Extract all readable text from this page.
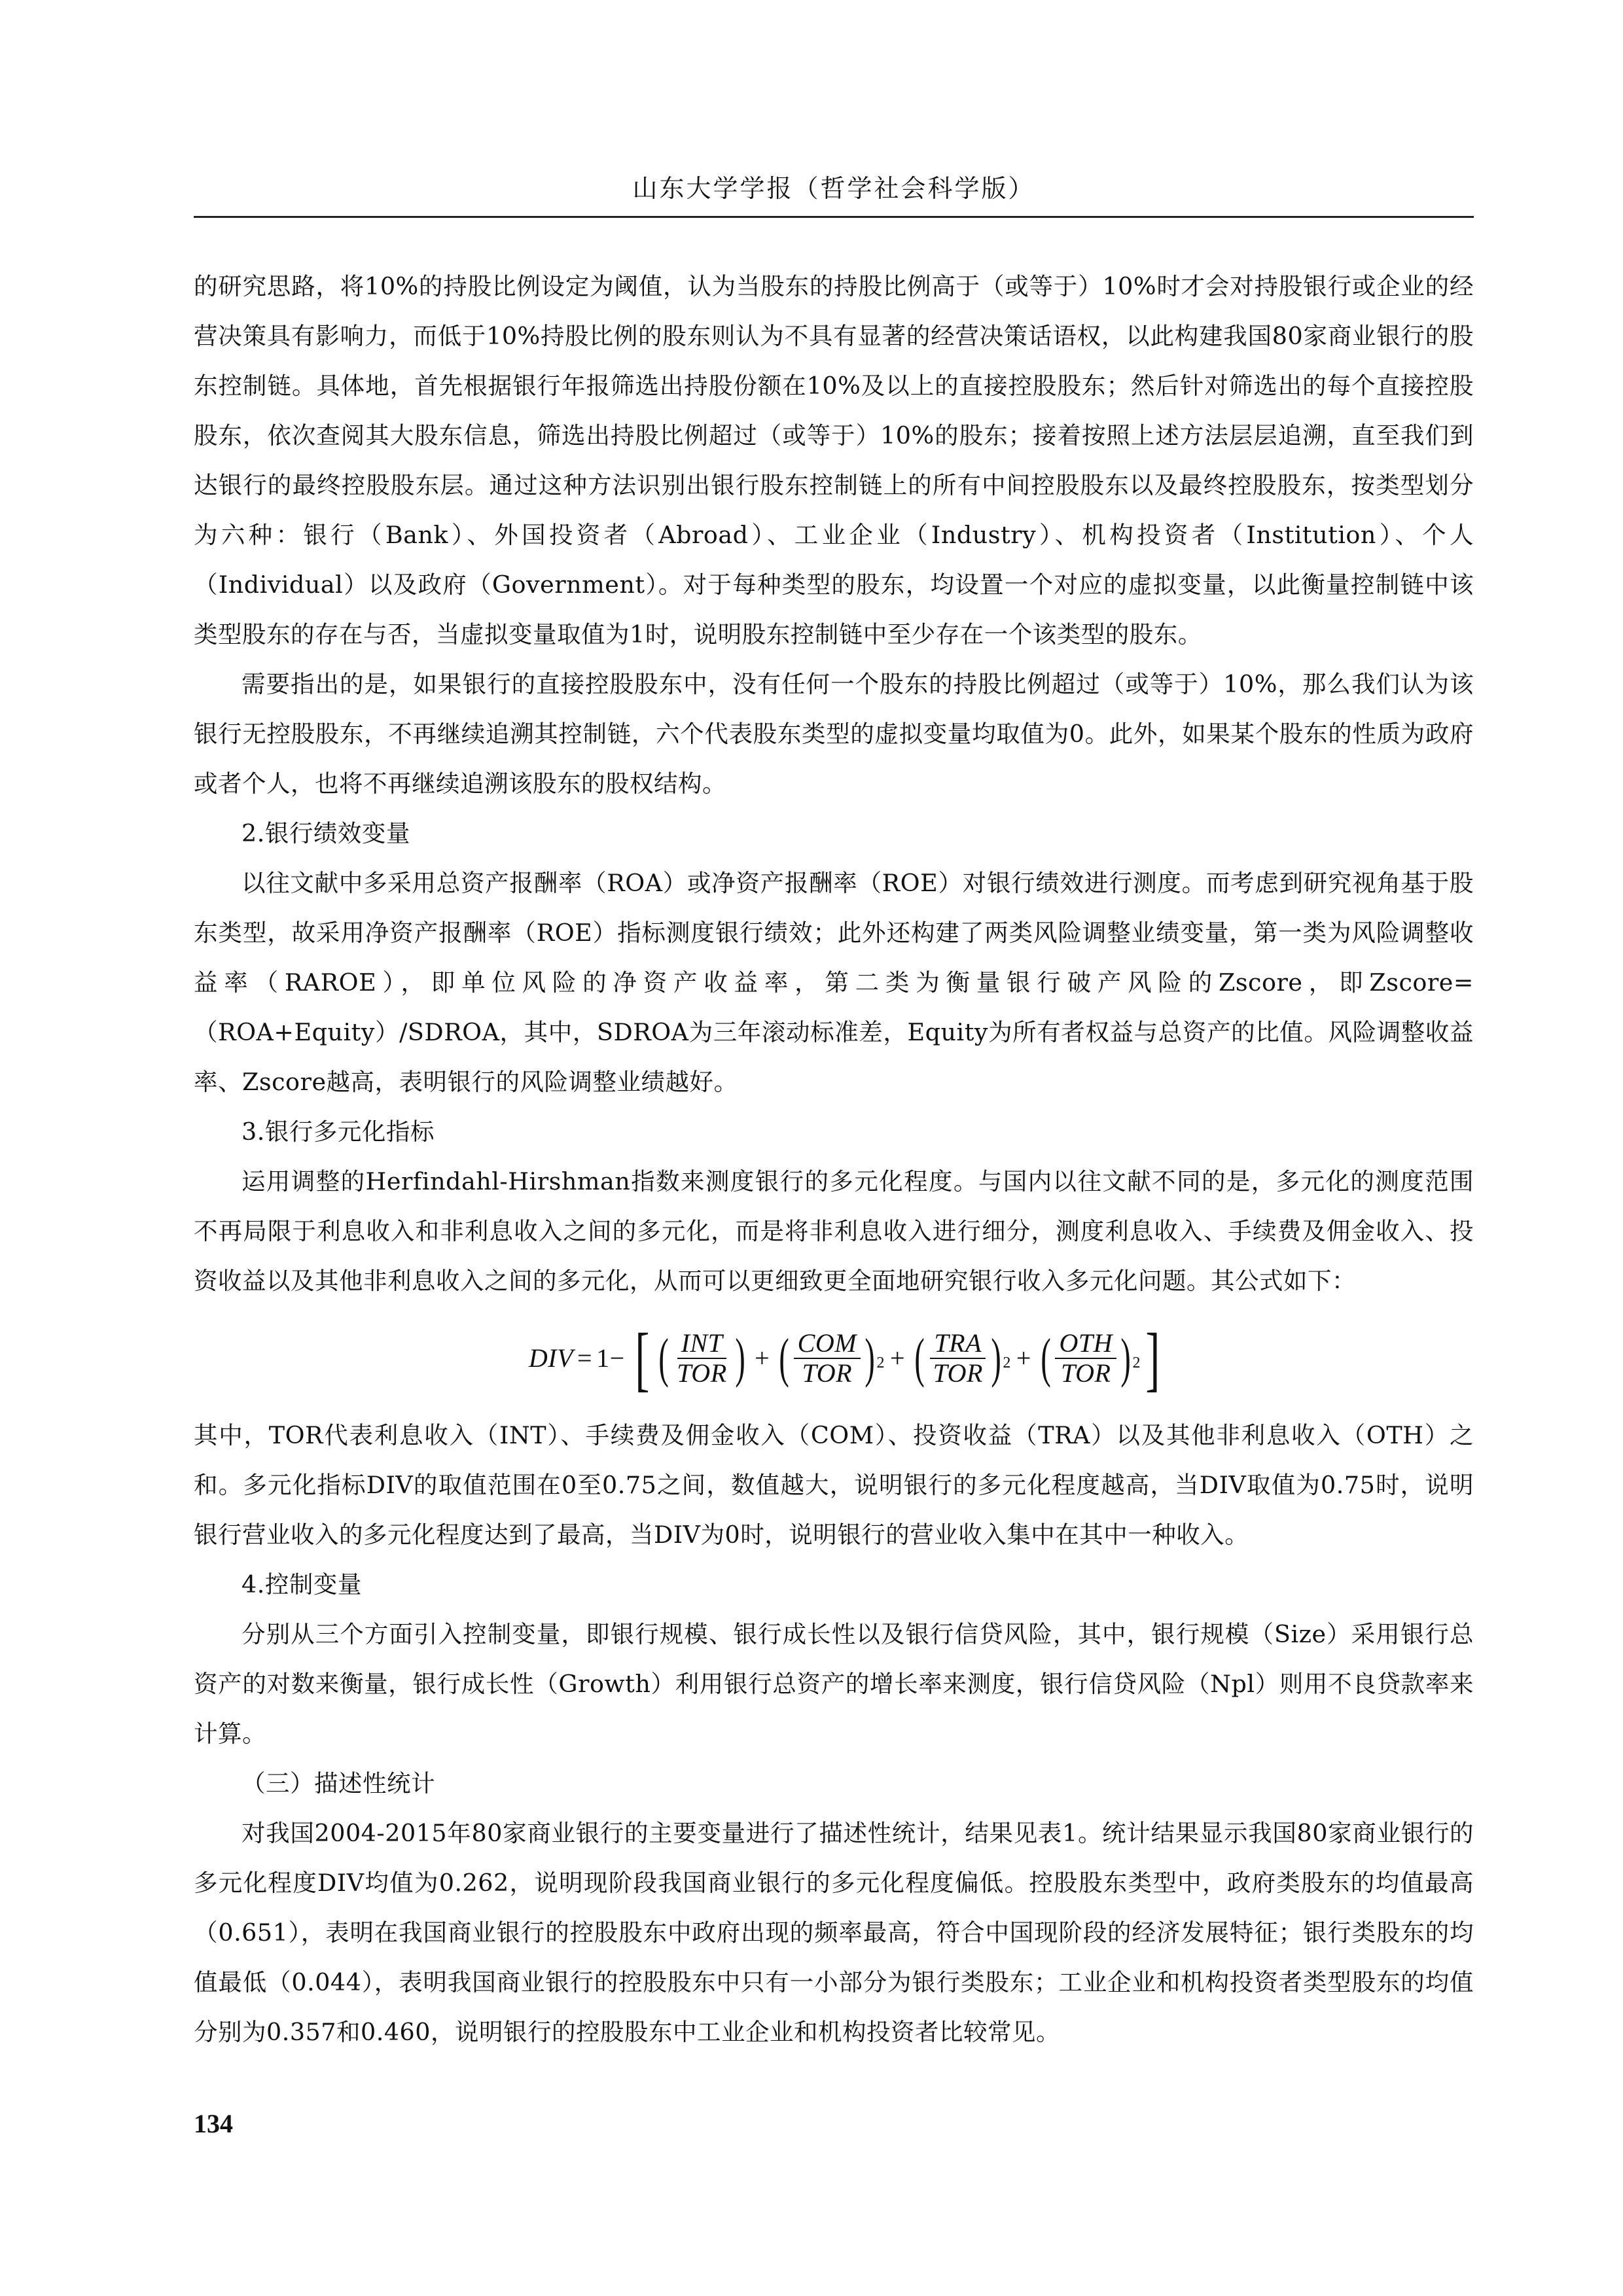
山东大学学报（哲学社会科学版）

的研究思路，将10%的持股比例设定为阈值，认为当股东的持股比例高于（或等于）10%时才会对持股银行或企业的经营决策具有影响力，而低于10%持股比例的股东则认为不具有显著的经营决策话语权，以此构建我国80家商业银行的股东控制链。具体地，首先根据银行年报筛选出持股份额在10%及以上的直接控股股东；然后针对筛选出的每个直接控股股东，依次查阅其大股东信息，筛选出持股比例超过（或等于）10%的股东；接着按照上述方法层层追溯，直至我们到达银行的最终控股股东层。通过这种方法识别出银行股东控制链上的所有中间控股股东以及最终控股股东，按类型划分为六种：银行（Bank）、外国投资者（Abroad）、工业企业（Industry）、机构投资者（Institution）、个人（Individual）以及政府（Government）。对于每种类型的股东，均设置一个对应的虚拟变量，以此衡量控制链中该类型股东的存在与否，当虚拟变量取值为1时，说明股东控制链中至少存在一个该类型的股东。

需要指出的是，如果银行的直接控股股东中，没有任何一个股东的持股比例超过（或等于）10%，那么我们认为该银行无控股股东，不再继续追溯其控制链，六个代表股东类型的虚拟变量均取值为0。此外，如果某个股东的性质为政府或者个人，也将不再继续追溯该股东的股权结构。

2.银行绩效变量

以往文献中多采用总资产报酬率（ROA）或净资产报酬率（ROE）对银行绩效进行测度。而考虑到研究视角基于股东类型，故采用净资产报酬率（ROE）指标测度银行绩效；此外还构建了两类风险调整业绩变量，第一类为风险调整收益率（RAROE），即单位风险的净资产收益率，第二类为衡量银行破产风险的Zscore，即Zscore=（ROA+Equity）/SDROA，其中，SDROA为三年滚动标准差，Equity为所有者权益与总资产的比值。风险调整收益率、Zscore越高，表明银行的风险调整业绩越好。

3.银行多元化指标

运用调整的Herfindahl-Hirshman指数来测度银行的多元化程度。与国内以往文献不同的是，多元化的测度范围不再局限于利息收入和非利息收入之间的多元化，而是将非利息收入进行细分，测度利息收入、手续费及佣金收入、投资收益以及其他非利息收入之间的多元化，从而可以更细致更全面地研究银行收入多元化问题。其公式如下：

DIV = 1− [ ( $\frac{\text{INT}}{\text{TOR}}$ ) + ( $\frac{\text{COM}}{\text{TOR}}$ ) 2 + ( $\frac{\text{TRA}}{\text{TOR}}$ ) 2 + ( $\frac{\text{OTH}}{\text{TOR}}$ ) 2 ]

其中，TOR代表利息收入（INT）、手续费及佣金收入（COM）、投资收益（TRA）以及其他非利息收入（OTH）之和。多元化指标DIV的取值范围在0至0.75之间，数值越大，说明银行的多元化程度越高，当DIV取值为0.75时，说明银行营业收入的多元化程度达到了最高，当DIV为0时，说明银行的营业收入集中在其中一种收入。

4.控制变量

分别从三个方面引入控制变量，即银行规模、银行成长性以及银行信贷风险，其中，银行规模（Size）采用银行总资产的对数来衡量，银行成长性（Growth）利用银行总资产的增长率来测度，银行信贷风险（Npl）则用不良贷款率来计算。

（三）描述性统计

对我国2004-2015年80家商业银行的主要变量进行了描述性统计，结果见表1。统计结果显示我国80家商业银行的多元化程度DIV均值为0.262，说明现阶段我国商业银行的多元化程度偏低。控股股东类型中，政府类股东的均值最高（0.651），表明在我国商业银行的控股股东中政府出现的频率最高，符合中国现阶段的经济发展特征；银行类股东的均值最低（0.044），表明我国商业银行的控股股东中只有一小部分为银行类股东；工业企业和机构投资者类型股东的均值分别为0.357和0.460，说明银行的控股股东中工业企业和机构投资者比较常见。

134
